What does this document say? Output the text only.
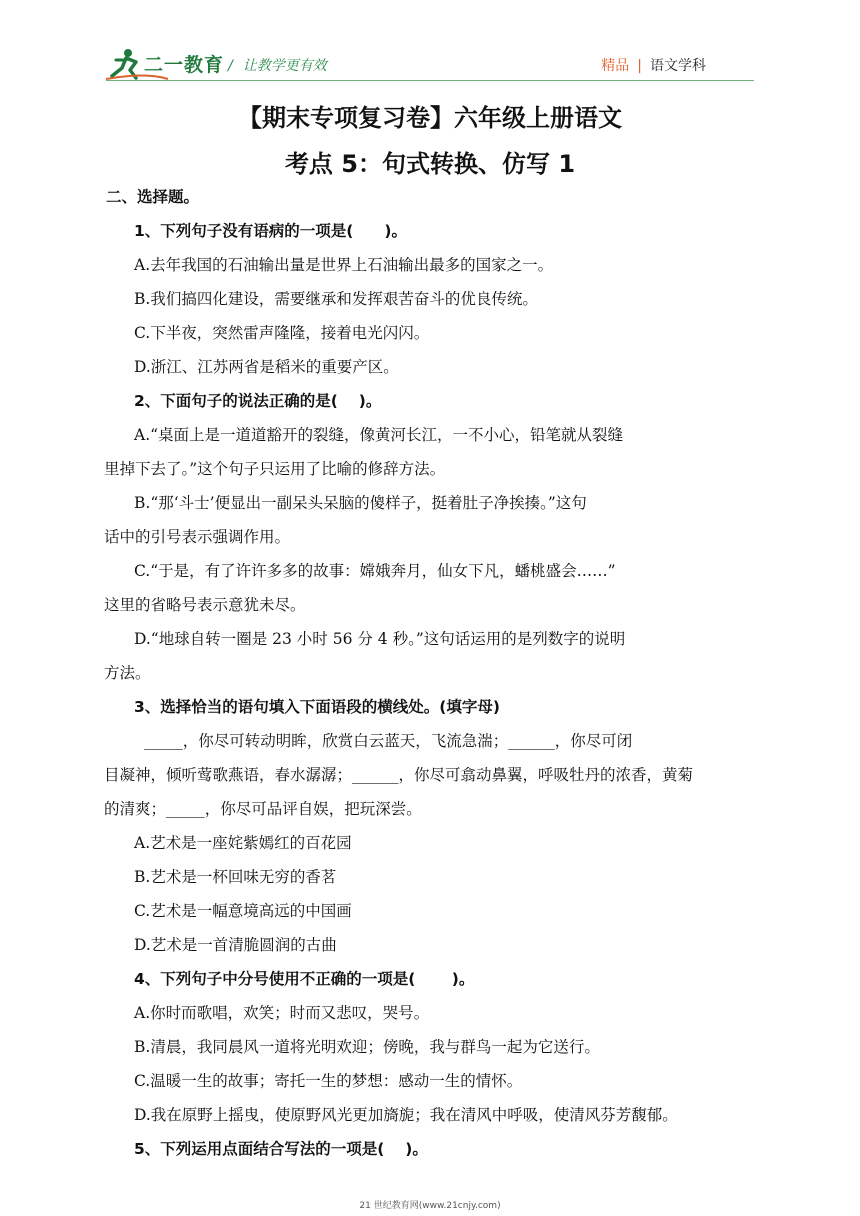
二一教育 / 让教学更有效	精品 | 语文学科
【期末专项复习卷】六年级上册语文
考点 5：句式转换、仿写 1
二、选择题。
1、下列句子没有语病的一项是(　　)。
A.去年我国的石油输出量是世界上石油输出最多的国家之一。
B.我们搞四化建设，需要继承和发挥艰苦奋斗的优良传统。
C.下半夜，突然雷声隆隆，接着电光闪闪。
D.浙江、江苏两省是稻米的重要产区。
2、下面句子的说法正确的是(　 )。
A.“桌面上是一道道豁开的裂缝，像黄河长江，一不小心，铅笔就从裂缝
里掉下去了。”这个句子只运用了比喻的修辞方法。
B.“那‘斗士’便显出一副呆头呆脑的傻样子，挺着肚子净挨揍。”这句
话中的引号表示强调作用。
C.“于是，有了许许多多的故事：嫦娥奔月，仙女下凡，蟠桃盛会……”
这里的省略号表示意犹未尽。
D.“地球自转一圈是 23 小时 56 分 4 秒。”这句话运用的是列数字的说明
方法。
3、选择恰当的语句填入下面语段的横线处。(填字母)
_____，你尽可转动明眸，欣赏白云蓝天，飞流急湍；______，你尽可闭
目凝神，倾听莺歌燕语，春水潺潺；______，你尽可翕动鼻翼，呼吸牡丹的浓香，黄菊
的清爽；_____，你尽可品评自娱，把玩深尝。
A.艺术是一座姹紫嫣红的百花园
B.艺术是一杯回味无穷的香茗
C.艺术是一幅意境高远的中国画
D.艺术是一首清脆圆润的古曲
4、下列句子中分号使用不正确的一项是(　　 )。
A.你时而歌唱，欢笑；时而又悲叹，哭号。
B.清晨，我同晨风一道将光明欢迎；傍晚，我与群鸟一起为它送行。
C.温暖一生的故事；寄托一生的梦想：感动一生的情怀。
D.我在原野上摇曳，使原野风光更加旖旎；我在清风中呼吸，使清风芬芳馥郁。
5、下列运用点面结合写法的一项是(　 )。
21 世纪教育网(www.21cnjy.com)
